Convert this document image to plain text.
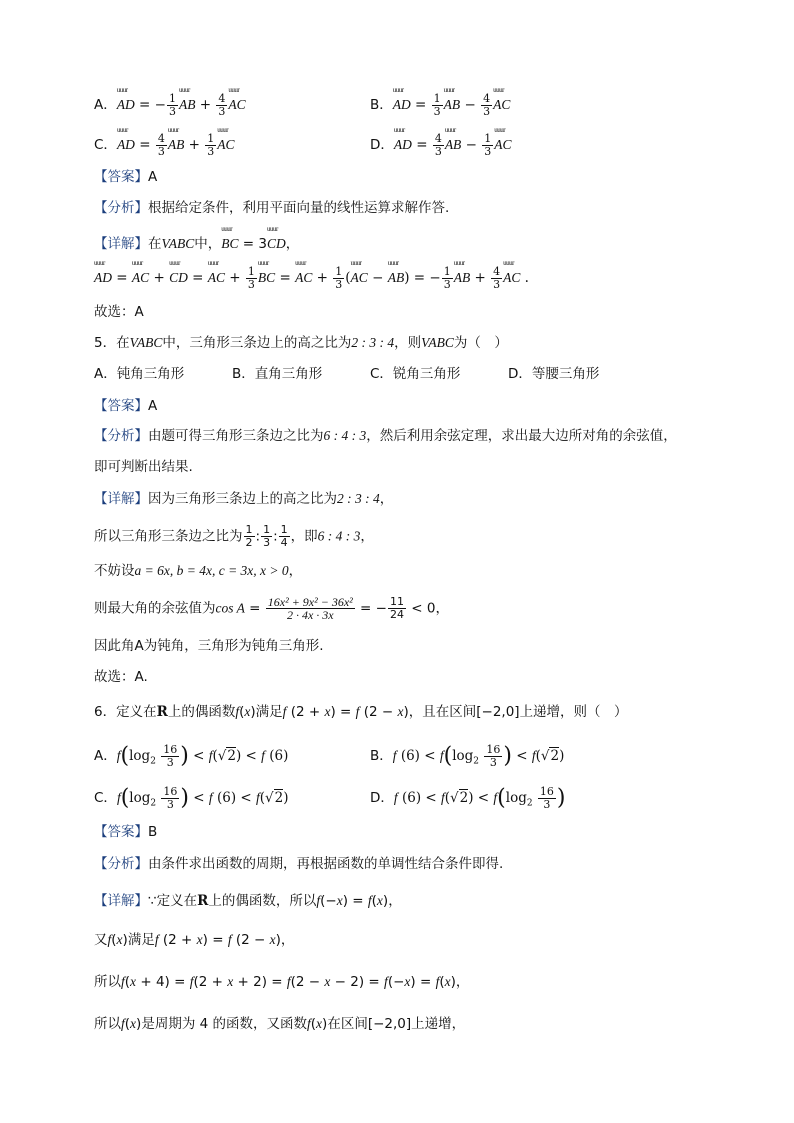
A．uuur AD = − $\frac{1}{3}$ uuur AB + $\frac{4}{3}$ uuur AC	B．uuur AD = $\frac{1}{3}$ uuur AB − $\frac{4}{3}$ uuur AC
C．uuur AD = $\frac{4}{3}$ uuur AB + $\frac{1}{3}$ uuur AC	D．uuur AD = $\frac{4}{3}$ uuur AB − $\frac{1}{3}$ uuur AC
【答案】A
【分析】根据给定条件，利用平面向量的线性运算求解作答.
【详解】在VABC中，uuur BC = 3uuur CD，
uuur AD = uuur AC + uuur CD = uuur AC + $\frac{1}{3}$ uuur BC = uuur AC + $\frac{1}{3}$ (uuur AC − uuur AB) = − $\frac{1}{3}$ uuur AB + $\frac{4}{3}$ uuur AC .
故选：A
5．在VABC中，三角形三条边上的高之比为2 : 3 : 4，则VABC为（　）
A．钝角三角形	B．直角三角形	C．锐角三角形	D．等腰三角形
【答案】A
【分析】由题可得三角形三条边之比为6 : 4 : 3，然后利用余弦定理，求出最大边所对角的余弦值，
即可判断出结果.
【详解】因为三角形三条边上的高之比为2 : 3 : 4，
所以三角形三条边之比为 $\frac{1}{2}$ : $\frac{1}{3}$ : $\frac{1}{4}$ ，即6 : 4 : 3，
不妨设a = 6x, b = 4x, c = 3x, x > 0，
则最大角的余弦值为$\cos A = \frac{\text{16x² + 9x² − 36x²}}{2 \cdot 4x \cdot 3x}$ = − $\frac{11}{24} < 0$，
因此角A为钝角，三角形为钝角三角形.
故选：A.
6．定义在R上的偶函数f(x)满足f (2 + x) = f (2 − x)，且在区间[−2,0]上递增，则（　）
A．$f(\log_2 \frac{16}{3}$ ) < f(√2) < f (6)	B．f $(6) < f(\log_2 \frac{16}{3}$ ) < f(√2)
C．$f(\log_2 \frac{16}{3}$ ) < f (6) < f(√2)	D．f $(6) < f(√2) < f(\log_2 \frac{16}{3}$ )
【答案】B
【分析】由条件求出函数的周期，再根据函数的单调性结合条件即得.
【详解】∵定义在R上的偶函数，所以f(−x) = f(x)，
又f(x)满足f (2 + x) = f (2 − x)，
所以f(x + 4) = f(2 + x + 2) = f(2 − x − 2) = f(−x) = f(x)，
所以f(x)是周期为 4 的函数，又函数f(x)在区间[−2,0]上递增，
